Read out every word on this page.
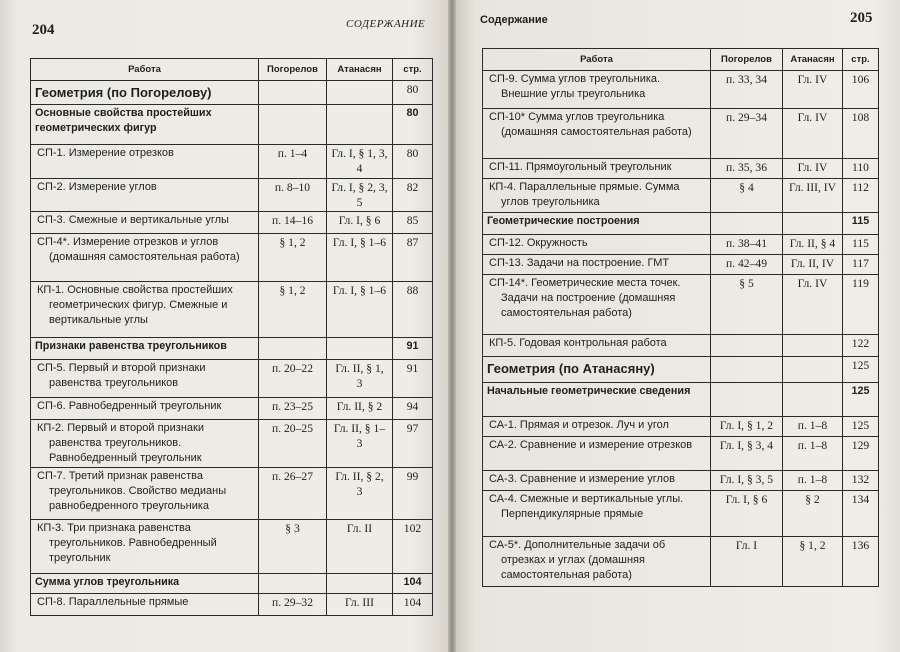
204	СОДЕРЖАНИЕ
Работа	Погорелов	Атанасян	стр.
Геометрия (по Погорелову)			80
Основные свойства простейших геометрических фигур			80
СП-1. Измерение отрезков	п. 1–4	Гл. I, § 1, 3, 4	80
СП-2. Измерение углов	п. 8–10	Гл. I, § 2, 3, 5	82
СП-3. Смежные и вертикальные углы	п. 14–16	Гл. I, § 6	85
СП-4*. Измерение отрезков и углов (домашняя самостоятельная работа)	§ 1, 2	Гл. I, § 1–6	87
КП-1. Основные свойства простейших геометрических фигур. Смежные и вертикальные углы	§ 1, 2	Гл. I, § 1–6	88
Признаки равенства треугольников			91
СП-5. Первый и второй признаки равенства треугольников	п. 20–22	Гл. II, § 1, 3	91
СП-6. Равнобедренный треугольник	п. 23–25	Гл. II, § 2	94
КП-2. Первый и второй признаки равенства треугольников. Равнобедренный треугольник	п. 20–25	Гл. II, § 1–3	97
СП-7. Третий признак равенства треугольников. Свойство медианы равнобедренного треугольника	п. 26–27	Гл. II, § 2, 3	99
КП-3. Три признака равенства треугольников. Равнобедренный треугольник	§ 3	Гл. II	102
Сумма углов треугольника			104
СП-8. Параллельные прямые	п. 29–32	Гл. III	104
Содержание	205
Работа	Погорелов	Атанасян	стр.
СП-9. Сумма углов треугольника. Внешние углы треугольника	п. 33, 34	Гл. IV	106
СП-10* Сумма углов треугольника (домашняя самостоятельная работа)	п. 29–34	Гл. IV	108
СП-11. Прямоугольный треугольник	п. 35, 36	Гл. IV	110
КП-4. Параллельные прямые. Сумма углов треугольника	§ 4	Гл. III, IV	112
Геометрические построения			115
СП-12. Окружность	п. 38–41	Гл. II, § 4	115
СП-13. Задачи на построение. ГМТ	п. 42–49	Гл. II, IV	117
СП-14*. Геометрические места точек. Задачи на построение (домашняя самостоятельная работа)	§ 5	Гл. IV	119
КП-5. Годовая контрольная работа			122
Геометрия (по Атанасяну)			125
Начальные геометрические сведения			125
СА-1. Прямая и отрезок. Луч и угол	Гл. I, § 1, 2	п. 1–8	125
СА-2. Сравнение и измерение отрезков	Гл. I, § 3, 4	п. 1–8	129
СА-3. Сравнение и измерение углов	Гл. I, § 3, 5	п. 1–8	132
СА-4. Смежные и вертикальные углы. Перпендикулярные прямые	Гл. I, § 6	§ 2	134
СА-5*. Дополнительные задачи об отрезках и углах (домашняя самостоятельная работа)	Гл. I	§ 1, 2	136
